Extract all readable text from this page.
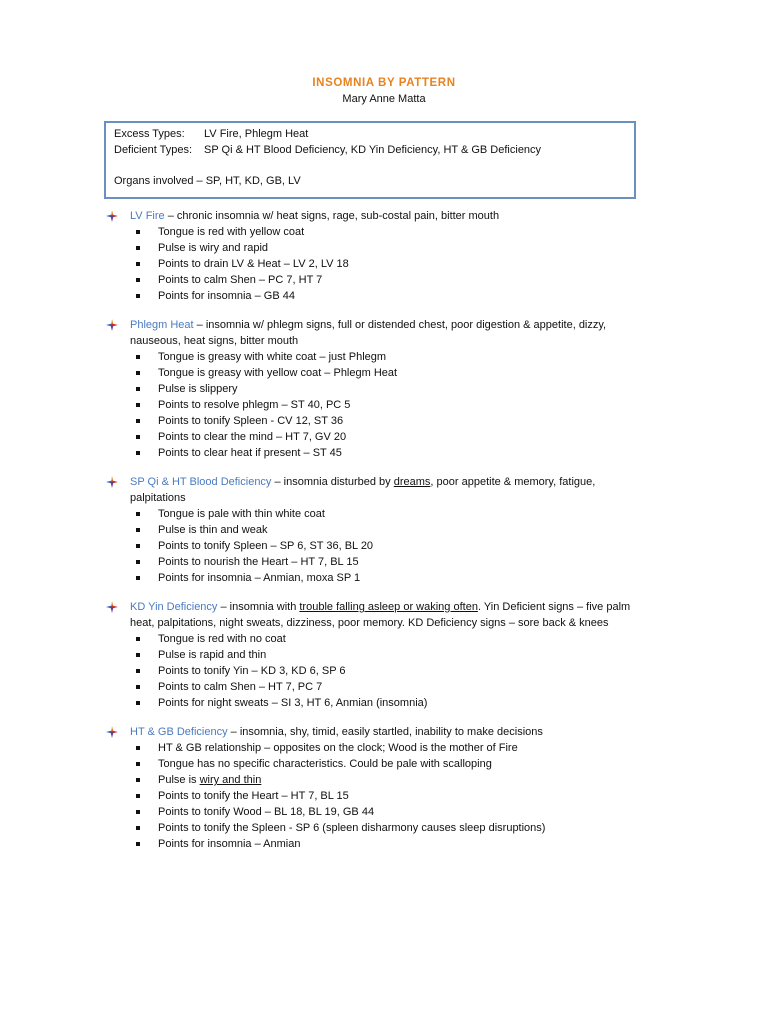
INSOMNIA BY PATTERN
Mary Anne Matta
Excess Types:	LV Fire, Phlegm Heat
Deficient Types:	SP Qi & HT Blood Deficiency, KD Yin Deficiency, HT & GB Deficiency
Organs involved – SP, HT, KD, GB, LV
LV Fire – chronic insomnia w/ heat signs, rage, sub-costal pain, bitter mouth
Tongue is red with yellow coat
Pulse is wiry and rapid
Points to drain LV & Heat – LV 2, LV 18
Points to calm Shen – PC 7, HT 7
Points for insomnia – GB 44
Phlegm Heat – insomnia w/ phlegm signs, full or distended chest, poor digestion & appetite, dizzy, nauseous, heat signs, bitter mouth
Tongue is greasy with white coat – just Phlegm
Tongue is greasy with yellow coat – Phlegm Heat
Pulse is slippery
Points to resolve phlegm – ST 40, PC 5
Points to tonify Spleen - CV 12, ST 36
Points to clear the mind – HT 7, GV 20
Points to clear heat if present – ST 45
SP Qi & HT Blood Deficiency – insomnia disturbed by dreams, poor appetite & memory, fatigue, palpitations
Tongue is pale with thin white coat
Pulse is thin and weak
Points to tonify Spleen – SP 6, ST 36, BL 20
Points to nourish the Heart – HT 7, BL 15
Points for insomnia – Anmian, moxa SP 1
KD Yin Deficiency – insomnia with trouble falling asleep or waking often. Yin Deficient signs – five palm heat, palpitations, night sweats, dizziness, poor memory. KD Deficiency signs – sore back & knees
Tongue is red with no coat
Pulse is rapid and thin
Points to tonify Yin – KD 3, KD 6, SP 6
Points to calm Shen – HT 7, PC 7
Points for night sweats – SI 3, HT 6, Anmian (insomnia)
HT & GB Deficiency – insomnia, shy, timid, easily startled, inability to make decisions
HT & GB relationship – opposites on the clock; Wood is the mother of Fire
Tongue has no specific characteristics. Could be pale with scalloping
Pulse is wiry and thin
Points to tonify the Heart – HT 7, BL 15
Points to tonify Wood – BL 18, BL 19, GB 44
Points to tonify the Spleen - SP 6 (spleen disharmony causes sleep disruptions)
Points for insomnia – Anmian
